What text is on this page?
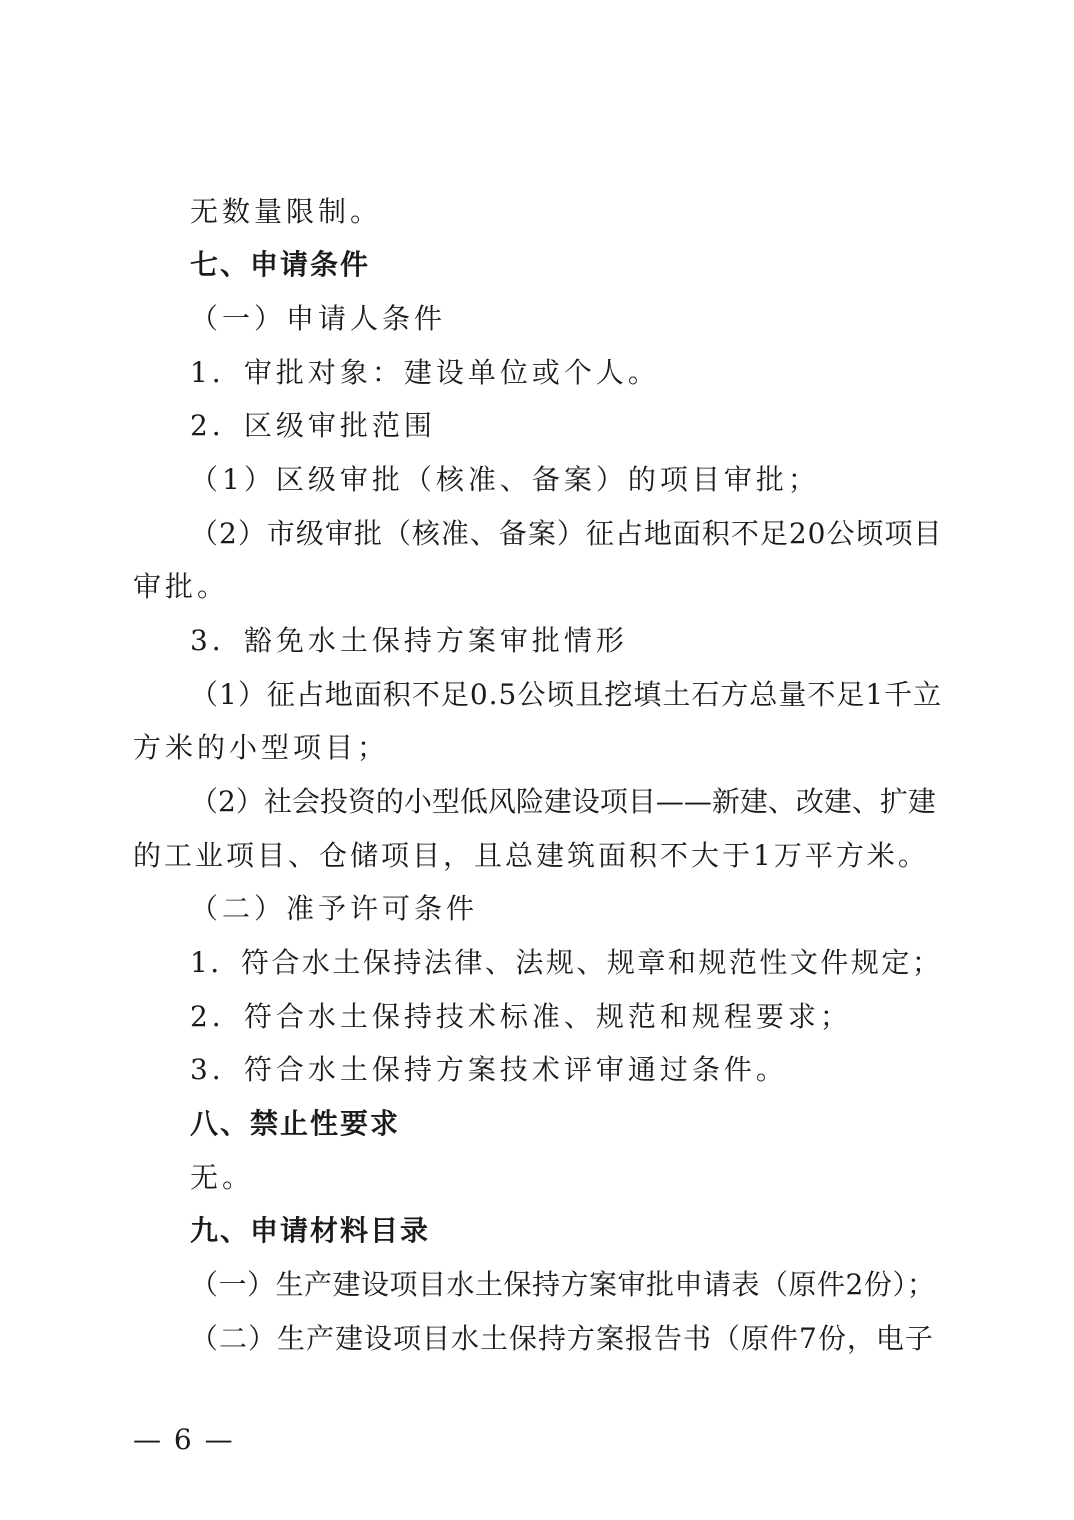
无数量限制。
七、申请条件
（一）申请人条件
1．审批对象：建设单位或个人。
2．区级审批范围
（1）区级审批（核准、备案）的项目审批；
（2）市级审批（核准、备案）征占地面积不足20公顷项目
审批。
3．豁免水土保持方案审批情形
（1）征占地面积不足0.5公顷且挖填土石方总量不足1千立
方米的小型项目；
（2）社会投资的小型低风险建设项目——新建、改建、扩建
的工业项目、仓储项目，且总建筑面积不大于1万平方米。
（二）准予许可条件
1．符合水土保持法律、法规、规章和规范性文件规定；
2．符合水土保持技术标准、规范和规程要求；
3．符合水土保持方案技术评审通过条件。
八、禁止性要求
无。
九、申请材料目录
（一）生产建设项目水土保持方案审批申请表（原件2份）；
（二）生产建设项目水土保持方案报告书（原件7份，电子
— 6 —
